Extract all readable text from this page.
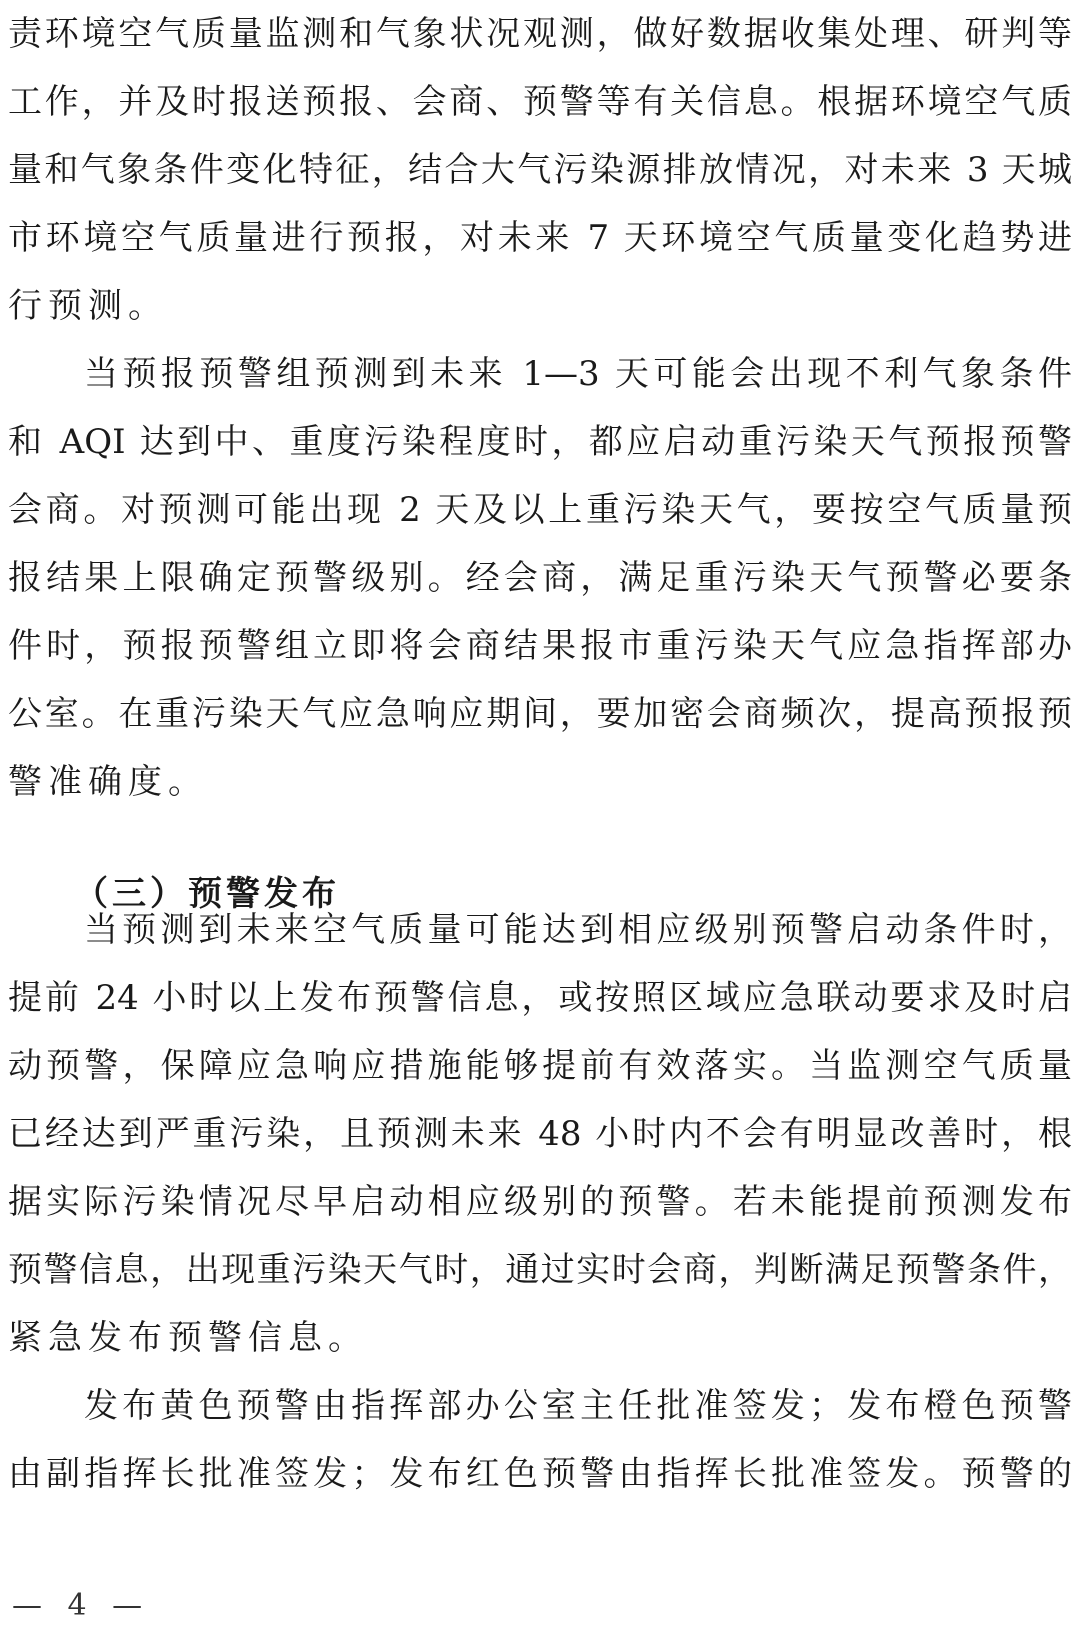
责环境空气质量监测和气象状况观测，做好数据收集处理、研判等
工作，并及时报送预报、会商、预警等有关信息。根据环境空气质
量和气象条件变化特征，结合大气污染源排放情况，对未来 3 天城
市环境空气质量进行预报，对未来 7 天环境空气质量变化趋势进
行预测。
当预报预警组预测到未来 1—3 天可能会出现不利气象条件
和 AQI 达到中、重度污染程度时，都应启动重污染天气预报预警
会商。对预测可能出现 2 天及以上重污染天气，要按空气质量预
报结果上限确定预警级别。经会商，满足重污染天气预警必要条
件时，预报预警组立即将会商结果报市重污染天气应急指挥部办
公室。在重污染天气应急响应期间，要加密会商频次，提高预报预
警准确度。
（三）预警发布
当预测到未来空气质量可能达到相应级别预警启动条件时，
提前 24 小时以上发布预警信息，或按照区域应急联动要求及时启
动预警，保障应急响应措施能够提前有效落实。当监测空气质量
已经达到严重污染，且预测未来 48 小时内不会有明显改善时，根
据实际污染情况尽早启动相应级别的预警。若未能提前预测发布
预警信息，出现重污染天气时，通过实时会商，判断满足预警条件，
紧急发布预警信息。
发布黄色预警由指挥部办公室主任批准签发；发布橙色预警
由副指挥长批准签发；发布红色预警由指挥长批准签发。预警的
— 4 —
